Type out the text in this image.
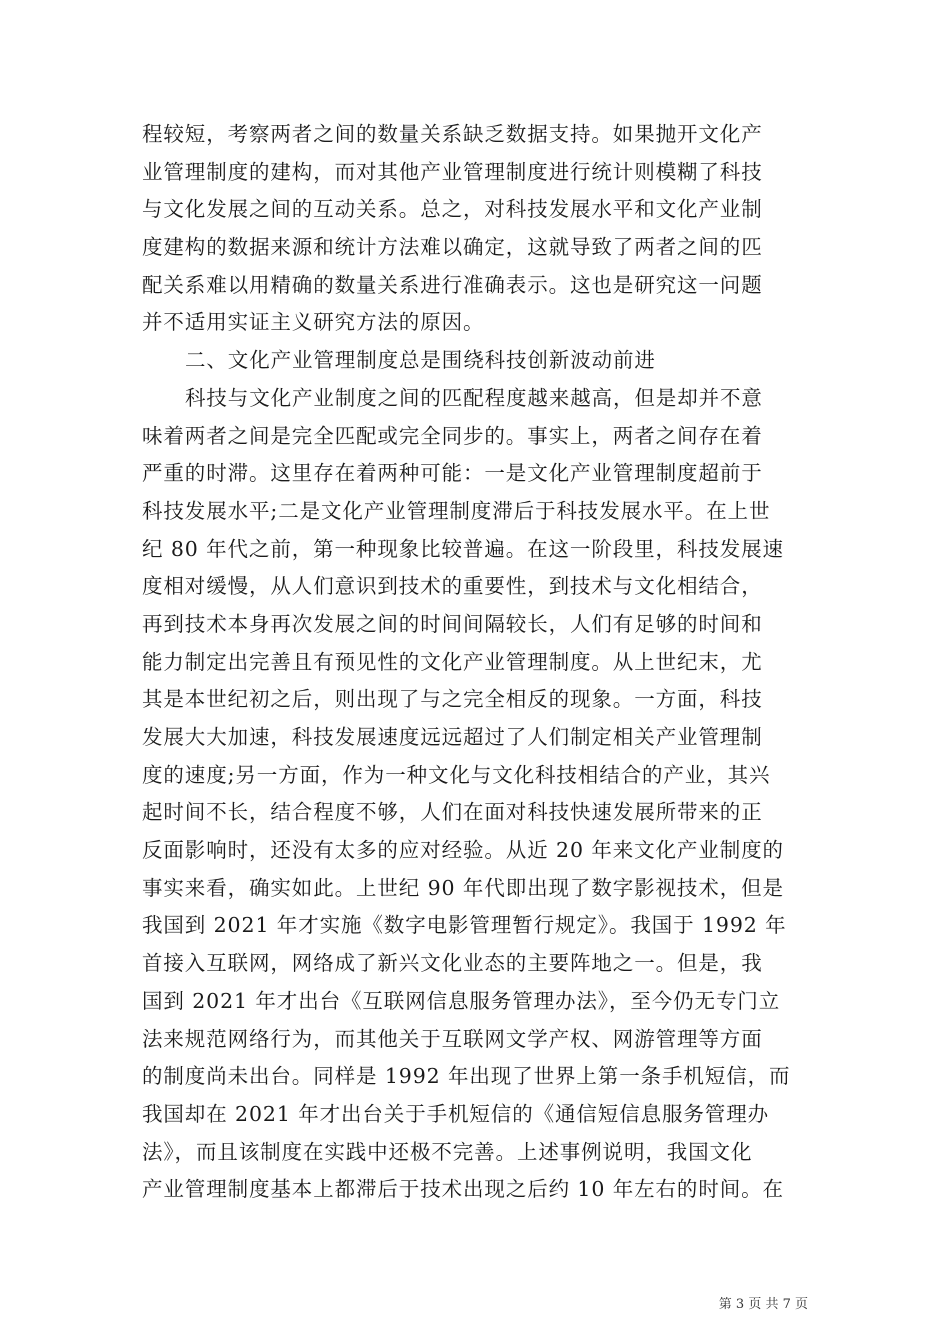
程较短，考察两者之间的数量关系缺乏数据支持。如果抛开文化产
业管理制度的建构，而对其他产业管理制度进行统计则模糊了科技
与文化发展之间的互动关系。总之，对科技发展水平和文化产业制
度建构的数据来源和统计方法难以确定，这就导致了两者之间的匹
配关系难以用精确的数量关系进行准确表示。这也是研究这一问题
并不适用实证主义研究方法的原因。
二、文化产业管理制度总是围绕科技创新波动前进
科技与文化产业制度之间的匹配程度越来越高，但是却并不意
味着两者之间是完全匹配或完全同步的。事实上，两者之间存在着
严重的时滞。这里存在着两种可能：一是文化产业管理制度超前于
科技发展水平;二是文化产业管理制度滞后于科技发展水平。在上世
纪 80 年代之前，第一种现象比较普遍。在这一阶段里，科技发展速
度相对缓慢，从人们意识到技术的重要性，到技术与文化相结合，
再到技术本身再次发展之间的时间间隔较长，人们有足够的时间和
能力制定出完善且有预见性的文化产业管理制度。从上世纪末，尤
其是本世纪初之后，则出现了与之完全相反的现象。一方面，科技
发展大大加速，科技发展速度远远超过了人们制定相关产业管理制
度的速度;另一方面，作为一种文化与文化科技相结合的产业，其兴
起时间不长，结合程度不够，人们在面对科技快速发展所带来的正
反面影响时，还没有太多的应对经验。从近 20 年来文化产业制度的
事实来看，确实如此。上世纪 90 年代即出现了数字影视技术，但是
我国到 2021 年才实施《数字电影管理暂行规定》。我国于 1992 年
首接入互联网，网络成了新兴文化业态的主要阵地之一。但是，我
国到 2021 年才出台《互联网信息服务管理办法》，至今仍无专门立
法来规范网络行为，而其他关于互联网文学产权、网游管理等方面
的制度尚未出台。同样是 1992 年出现了世界上第一条手机短信，而
我国却在 2021 年才出台关于手机短信的《通信短信息服务管理办
法》，而且该制度在实践中还极不完善。上述事例说明，我国文化
产业管理制度基本上都滞后于技术出现之后约 10 年左右的时间。在
第 3 页 共 7 页
